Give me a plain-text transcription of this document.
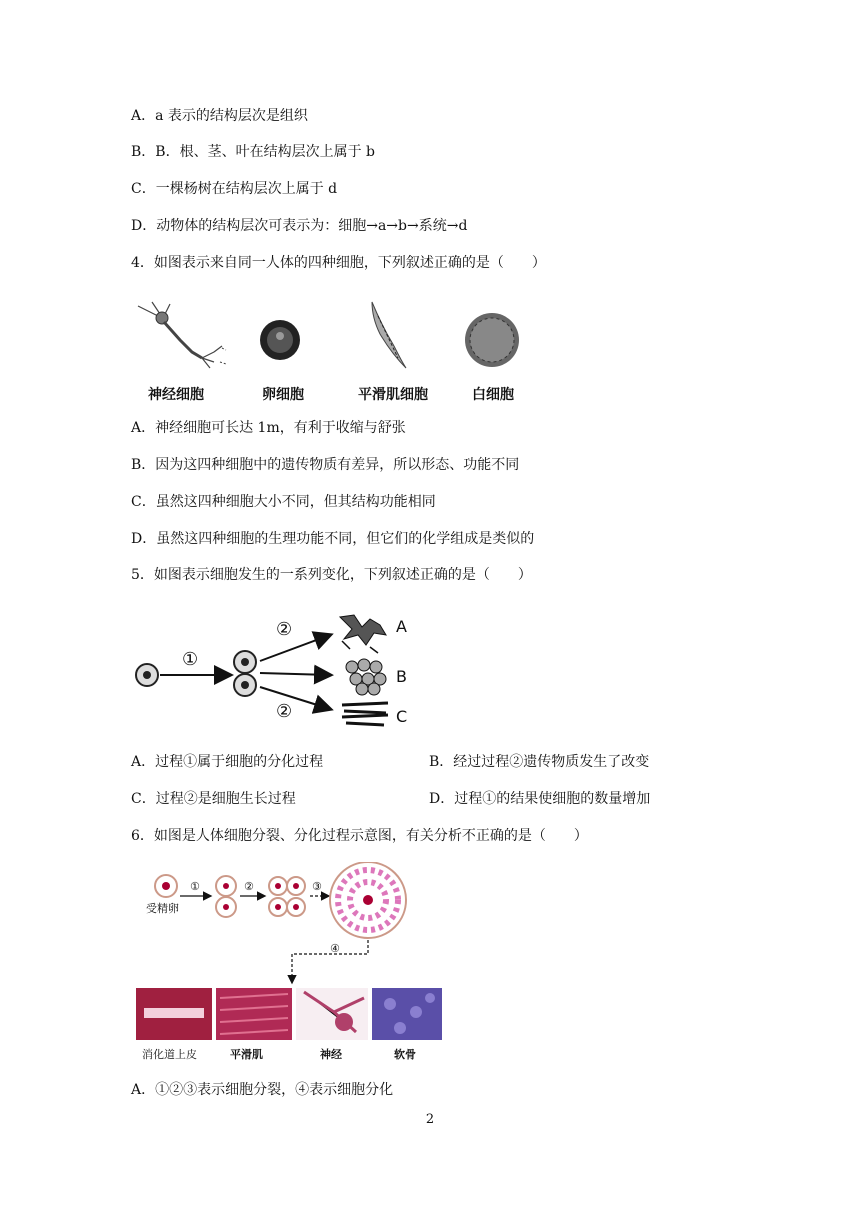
A．a 表示的结构层次是组织
B．B．根、茎、叶在结构层次上属于 b
C．一棵杨树在结构层次上属于 d
D．动物体的结构层次可表示为：细胞→a→b→系统→d
4．如图表示来自同一人体的四种细胞，下列叙述正确的是（　　）
神经细胞	卵细胞	平滑肌细胞	白细胞
A．神经细胞可长达 1m，有利于收缩与舒张
B．因为这四种细胞中的遗传物质有差异，所以形态、功能不同
C．虽然这四种细胞大小不同，但其结构功能相同
D．虽然这四种细胞的生理功能不同，但它们的化学组成是类似的
5．如图表示细胞发生的一系列变化，下列叙述正确的是（　　）
①
②
②
A
B
C
A．过程①属于细胞的分化过程	B．经过过程②遗传物质发生了改变
C．过程②是细胞生长过程	D．过程①的结果使细胞的数量增加
6．如图是人体细胞分裂、分化过程示意图，有关分析不正确的是（　　）
受精卵
①	②	③
④
消化道上皮	平滑肌	神经	软骨
A．①②③表示细胞分裂，④表示细胞分化
2
